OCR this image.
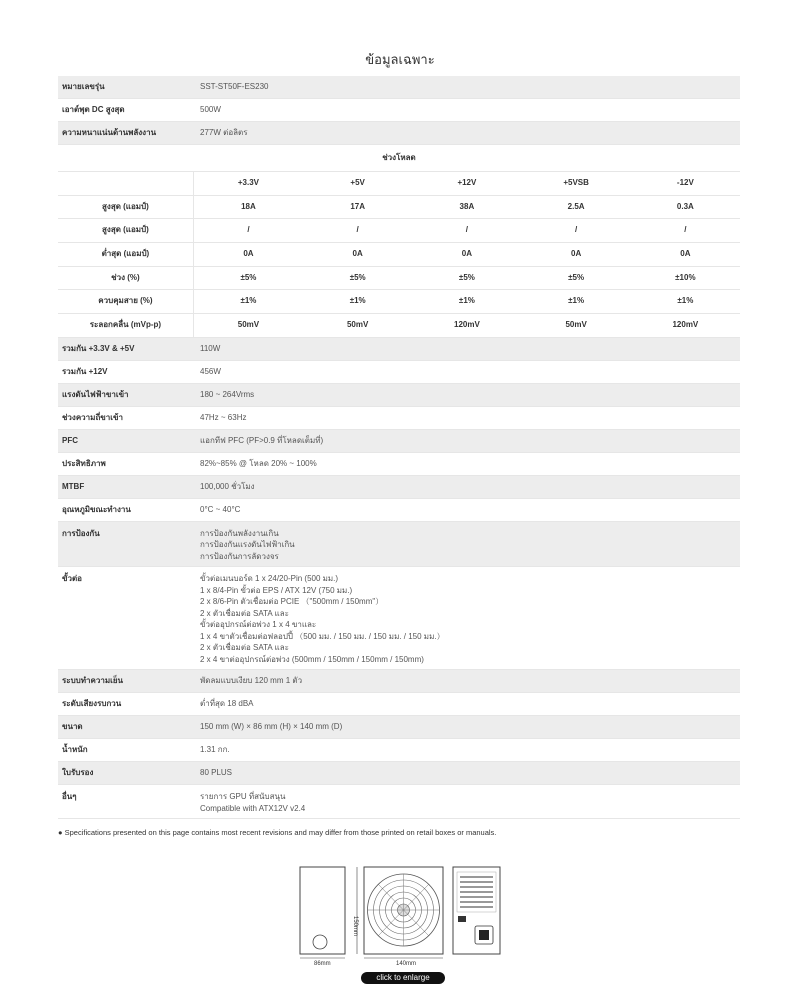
ข้อมูลเฉพาะ
หมายเลขรุ่น	SST-ST50F-ES230
เอาต์พุต DC สูงสุด	500W
ความหนาแน่นด้านพลังงาน	277W ต่อลิตร
ช่วงโหลด
+3.3V	+5V	+12V	+5VSB	-12V
สูงสุด (แอมป์)	18A	17A	38A	2.5A	0.3A
สูงสุด (แอมป์)	/	/	/	/	/
ต่ำสุด (แอมป์)	0A	0A	0A	0A	0A
ช่วง (%)	±5%	±5%	±5%	±5%	±10%
ควบคุมสาย (%)	±1%	±1%	±1%	±1%	±1%
ระลอกคลื่น (mVp-p)	50mV	50mV	120mV	50mV	120mV
รวมกัน +3.3V & +5V	110W
รวมกัน +12V	456W
แรงดันไฟฟ้าขาเข้า	180 ~ 264Vrms
ช่วงความถี่ขาเข้า	47Hz ~ 63Hz
PFC	แอกทีฟ PFC (PF>0.9 ที่โหลดเต็มที่)
ประสิทธิภาพ	82%~85% @ โหลด 20% ~ 100%
MTBF	100,000 ชั่วโมง
อุณหภูมิขณะทำงาน	0°C ~ 40°C
การป้องกัน	การป้องกันพลังงานเกิน
การป้องกันแรงดันไฟฟ้าเกิน
การป้องกันการลัดวงจร
ขั้วต่อ	ขั้วต่อเมนบอร์ด 1 x 24/20-Pin (500 มม.)
1 x 8/4-Pin ขั้วต่อ EPS / ATX 12V (750 มม.)
2 x 8/6-Pin ตัวเชื่อมต่อ PCIE （"500mm / 150mm"）
2 x ตัวเชื่อมต่อ SATA และ
ขั้วต่ออุปกรณ์ต่อพ่วง 1 x 4 ขาและ
1 x 4 ขาตัวเชื่อมต่อฟลอปปี้ （500 มม. / 150 มม. / 150 มม. / 150 มม.）
2 x ตัวเชื่อมต่อ SATA และ
2 x 4 ขาต่ออุปกรณ์ต่อพ่วง (500mm / 150mm / 150mm / 150mm)
ระบบทำความเย็น	พัดลมแบบเงียบ 120 mm 1 ตัว
ระดับเสียงรบกวน	ต่ำที่สุด 18 dBA
ขนาด	150 mm (W) × 86 mm (H) × 140 mm (D)
น้ำหนัก	1.31 กก.
ใบรับรอง	80 PLUS
อื่นๆ	รายการ GPU ที่สนับสนุน
Compatible with ATX12V v2.4
● Specifications presented on this page contains most recent revisions and may differ from those printed on retail boxes or manuals.
150mm
86mm	140mm
click to enlarge
